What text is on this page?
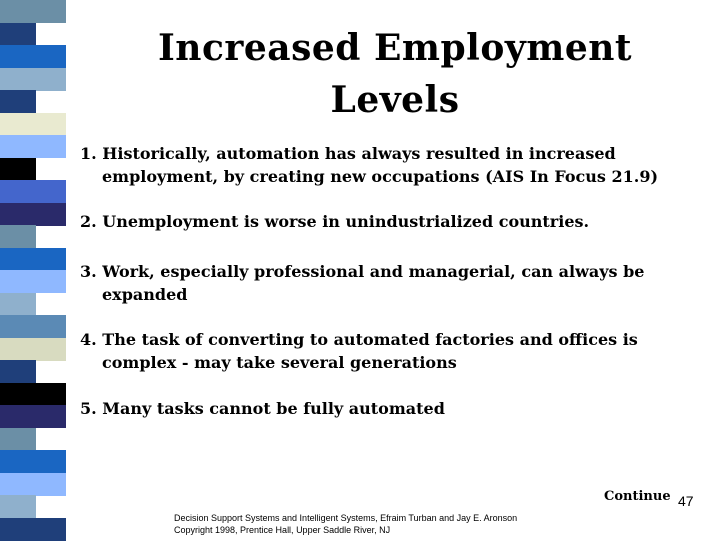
Increased Employment
Levels
1. Historically, automation has always resulted in increased
employment, by creating new occupations (AIS In Focus 21.9)
2. Unemployment is worse in unindustrialized countries.
3. Work, especially professional and managerial, can always be
expanded
4. The task of converting to automated factories and offices is
complex - may take several generations
5. Many tasks cannot be fully automated
Continue 47
Decision Support Systems and Intelligent Systems, Efraim Turban and Jay E. Aronson
Copyright 1998, Prentice Hall, Upper Saddle River, NJ
